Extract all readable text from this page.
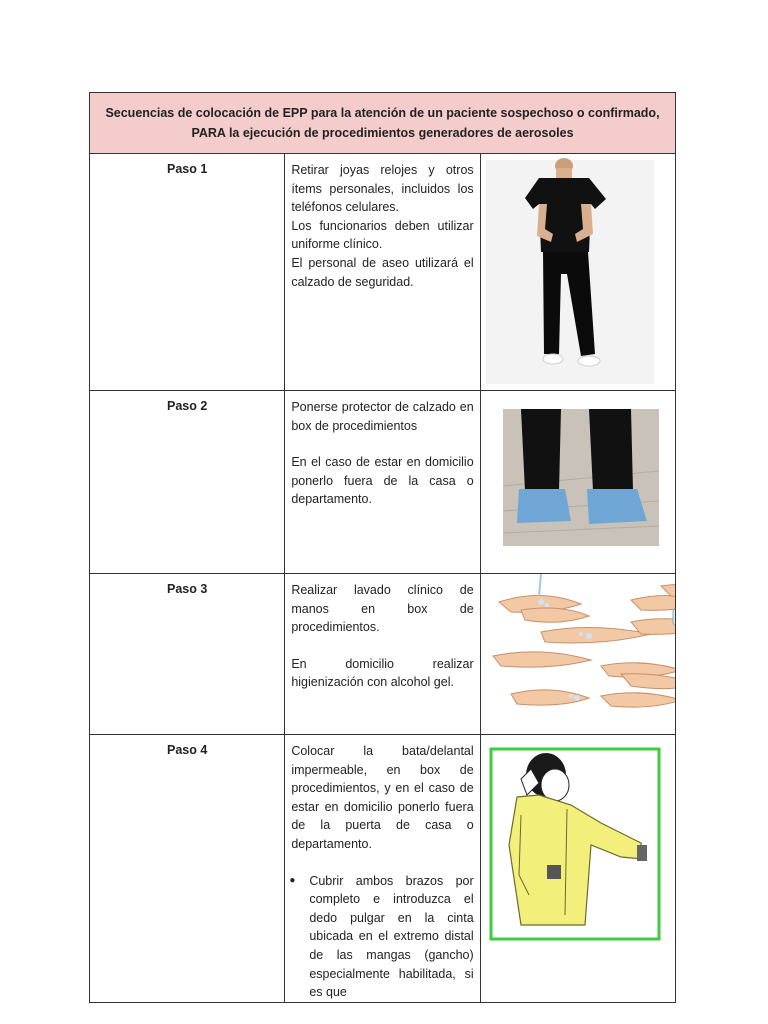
Secuencias de colocación de EPP para la atención de un paciente sospechoso o confirmado, PARA la ejecución de procedimientos generadores de aerosoles		
Paso 1	Retirar joyas relojes y otros ítems personales, incluidos los teléfonos celulares.
Los funcionarios deben utilizar uniforme clínico.
El personal de aseo utilizará el calzado de seguridad.

Paso 2	Ponerse protector de calzado en box de procedimientos

En el caso de estar en domicilio ponerlo fuera de la casa o departamento.

Paso 3	Realizar lavado clínico de manos en box de procedimientos.

En domicilio realizar higienización con alcohol gel.

Paso 4	Colocar la bata/delantal impermeable, en box de procedimientos, y en el caso de estar en domicilio ponerlo fuera de la puerta de casa o departamento.

● Cubrir ambos brazos por completo e introduzca el dedo pulgar en la cinta ubicada en el extremo distal de las mangas (gancho) especialmente habilitada, si es que
